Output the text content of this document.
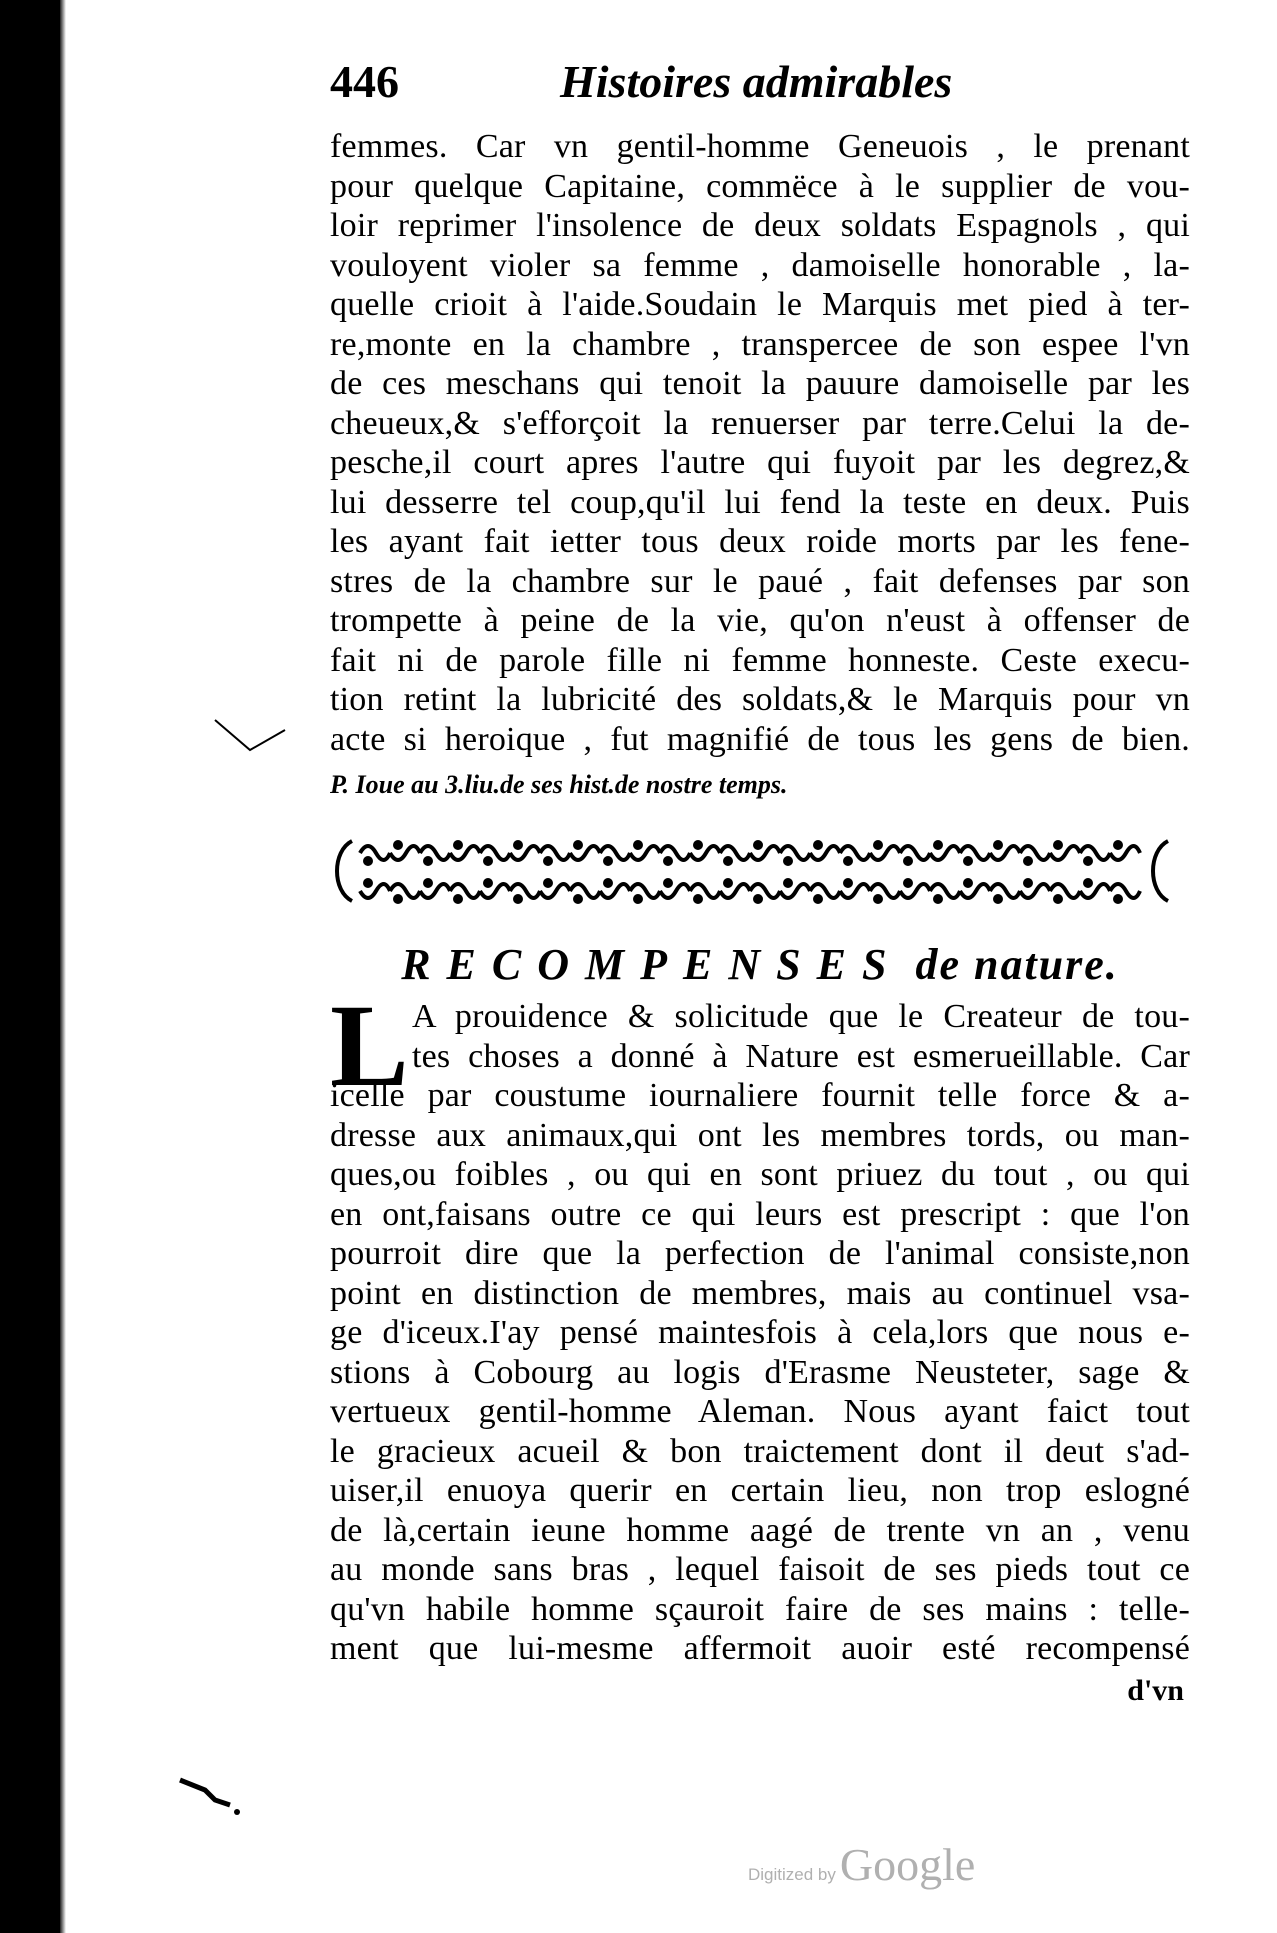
446	Histoires admirables
femmes. Car vn gentil-homme Geneuois , le prenant
pour quelque Capitaine, commëce à le supplier de vou-
loir reprimer l'insolence de deux soldats Espagnols , qui
vouloyent violer sa femme , damoiselle honorable , la-
quelle crioit à l'aide.Soudain le Marquis met pied à ter-
re,monte en la chambre , transpercee de son espee l'vn
de ces meschans qui tenoit la pauure damoiselle par les
cheueux,& s'efforçoit la renuerser par terre.Celui la de-
pesche,il court apres l'autre qui fuyoit par les degrez,&
lui desserre tel coup,qu'il lui fend la teste en deux. Puis
les ayant fait ietter tous deux roide morts par les fene-
stres de la chambre sur le paué , fait defenses par son
trompette à peine de la vie, qu'on n'eust à offenser de
fait ni de parole fille ni femme honneste. Ceste execu-
tion retint la lubricité des soldats,& le Marquis pour vn
acte si heroique , fut magnifié de tous les gens de bien.
P. Ioue au 3.liu.de ses hist.de nostre temps.
RECOMPENSES de nature.
L A prouidence & solicitude que le Createur de tou-
tes choses a donné à Nature est esmerueillable. Car
icelle par coustume iournaliere fournit telle force & a-
dresse aux animaux,qui ont les membres tords, ou man-
ques,ou foibles , ou qui en sont priuez du tout , ou qui
en ont,faisans outre ce qui leurs est prescript : que l'on
pourroit dire que la perfection de l'animal consiste,non
point en distinction de membres, mais au continuel vsa-
ge d'iceux.I'ay pensé maintesfois à cela,lors que nous e-
stions à Cobourg au logis d'Erasme Neusteter, sage &
vertueux gentil-homme Aleman. Nous ayant faict tout
le gracieux acueil & bon traictement dont il deut s'ad-
uiser,il enuoya querir en certain lieu, non trop eslogné
de là,certain ieune homme aagé de trente vn an , venu
au monde sans bras , lequel faisoit de ses pieds tout ce
qu'vn habile homme sçauroit faire de ses mains : telle-
ment que lui-mesme affermoit auoir esté recompensé
d'vn
Digitized by Google
